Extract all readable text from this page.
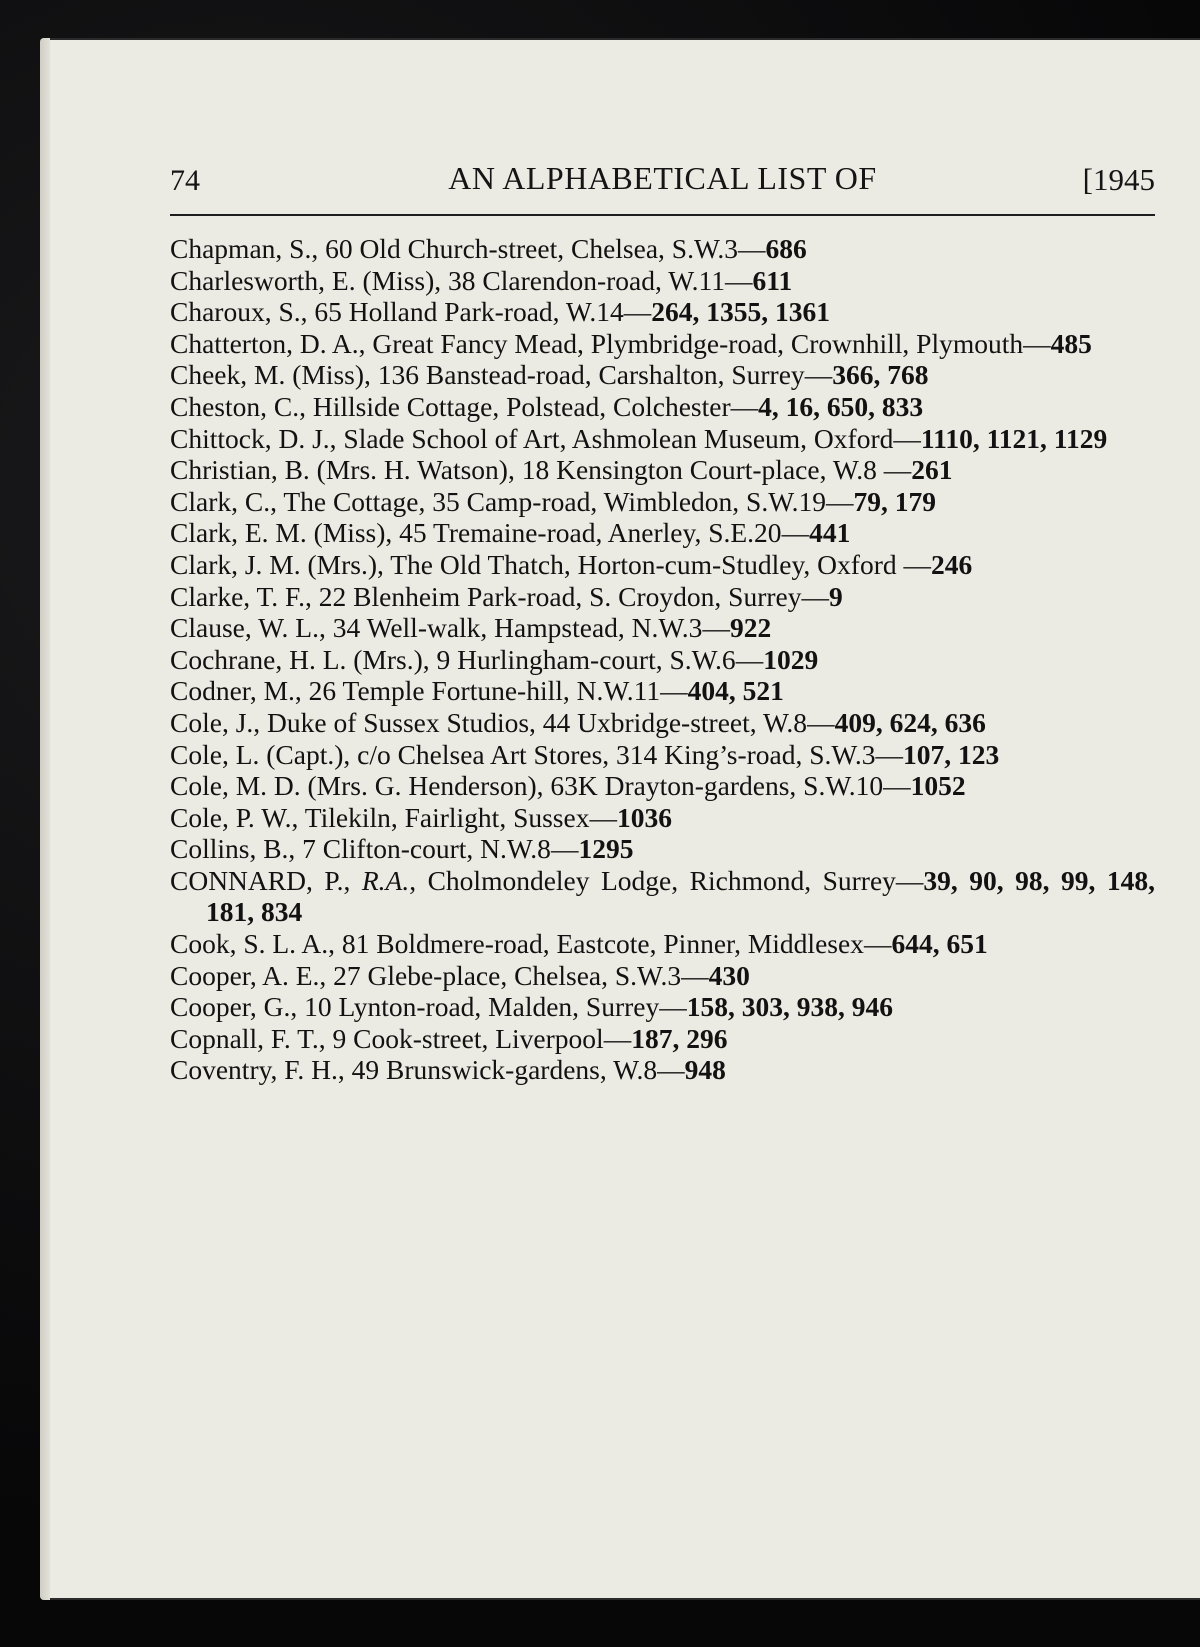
74	AN ALPHABETICAL LIST OF	[1945
Chapman, S., 60 Old Church-street, Chelsea, S.W.3—686
Charlesworth, E. (Miss), 38 Clarendon-road, W.11—611
Charoux, S., 65 Holland Park-road, W.14—264, 1355, 1361
Chatterton, D. A., Great Fancy Mead, Plymbridge-road, Crownhill, Plymouth—485
Cheek, M. (Miss), 136 Banstead-road, Carshalton, Surrey—366, 768
Cheston, C., Hillside Cottage, Polstead, Colchester—4, 16, 650, 833
Chittock, D. J., Slade School of Art, Ashmolean Museum, Oxford—1110, 1121, 1129
Christian, B. (Mrs. H. Watson), 18 Kensington Court-place, W.8 —261
Clark, C., The Cottage, 35 Camp-road, Wimbledon, S.W.19—79, 179
Clark, E. M. (Miss), 45 Tremaine-road, Anerley, S.E.20—441
Clark, J. M. (Mrs.), The Old Thatch, Horton-cum-Studley, Oxford —246
Clarke, T. F., 22 Blenheim Park-road, S. Croydon, Surrey—9
Clause, W. L., 34 Well-walk, Hampstead, N.W.3—922
Cochrane, H. L. (Mrs.), 9 Hurlingham-court, S.W.6—1029
Codner, M., 26 Temple Fortune-hill, N.W.11—404, 521
Cole, J., Duke of Sussex Studios, 44 Uxbridge-street, W.8—409, 624, 636
Cole, L. (Capt.), c/o Chelsea Art Stores, 314 King’s-road, S.W.3—107, 123
Cole, M. D. (Mrs. G. Henderson), 63K Drayton-gardens, S.W.10—1052
Cole, P. W., Tilekiln, Fairlight, Sussex—1036
Collins, B., 7 Clifton-court, N.W.8—1295
CONNARD, P., R.A., Cholmondeley Lodge, Richmond, Surrey—39, 90, 98, 99, 148, 181, 834
Cook, S. L. A., 81 Boldmere-road, Eastcote, Pinner, Middlesex—644, 651
Cooper, A. E., 27 Glebe-place, Chelsea, S.W.3—430
Cooper, G., 10 Lynton-road, Malden, Surrey—158, 303, 938, 946
Copnall, F. T., 9 Cook-street, Liverpool—187, 296
Coventry, F. H., 49 Brunswick-gardens, W.8—948
